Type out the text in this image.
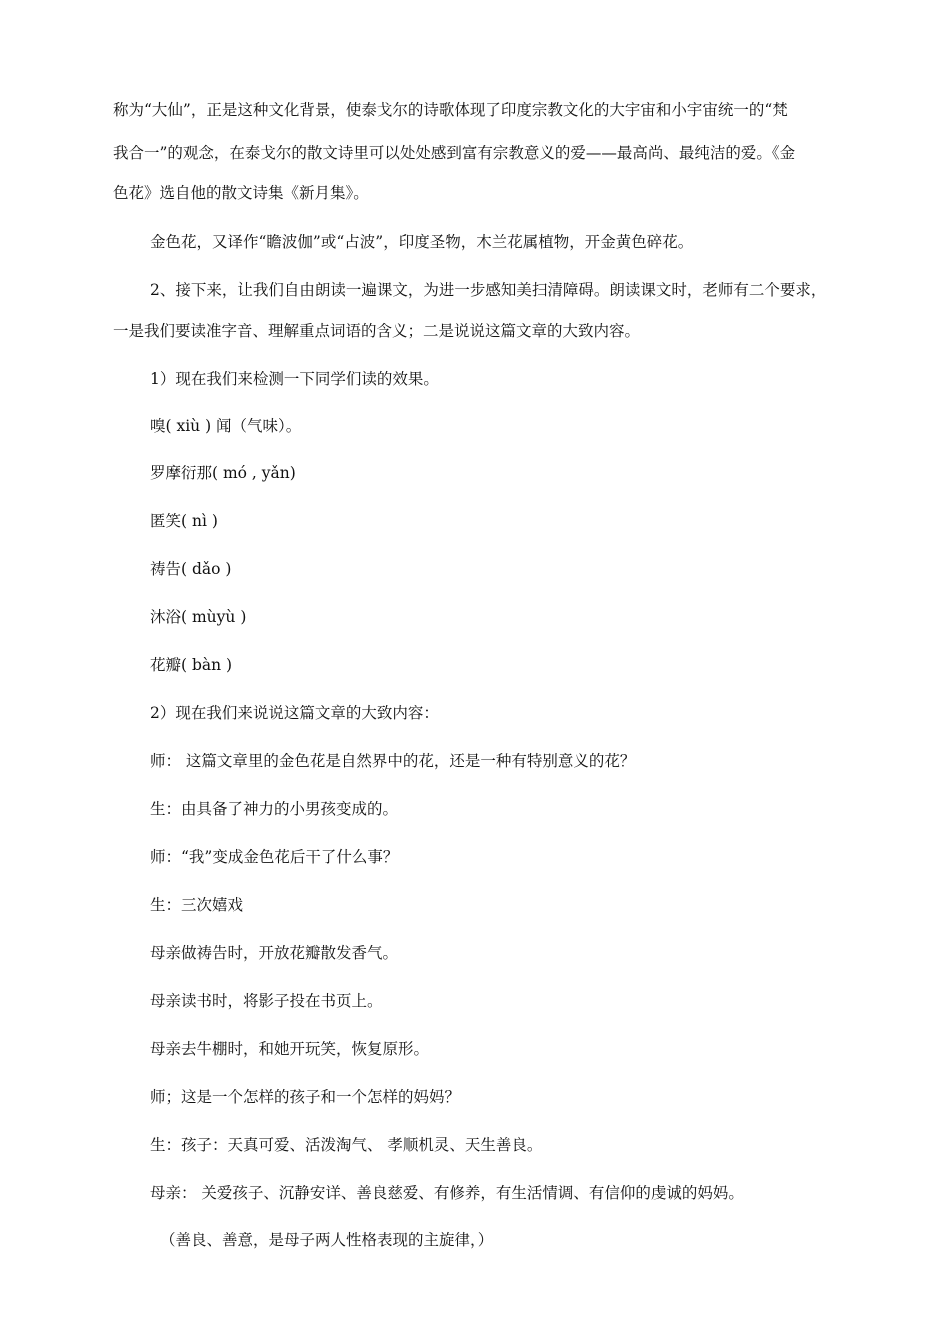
称为“大仙”，正是这种文化背景，使泰戈尔的诗歌体现了印度宗教文化的大宇宙和小宇宙统一的“梵
我合一”的观念，在泰戈尔的散文诗里可以处处感到富有宗教意义的爱——最高尚、最纯洁的爱。《金
色花》选自他的散文诗集《新月集》。
金色花，又译作“瞻波伽”或“占波”，印度圣物，木兰花属植物，开金黄色碎花。
2、接下来，让我们自由朗读一遍课文，为进一步感知美扫清障碍。朗读课文时，老师有二个要求，
一是我们要读准字音、理解重点词语的含义；二是说说这篇文章的大致内容。
1）现在我们来检测一下同学们读的效果。
嗅( xiù ) 闻（气味）。
罗摩衍那( mó , yǎn)
匿笑( nì )
祷告( dǎo )
沐浴( mùyù )
花瓣( bàn )
2）现在我们来说说这篇文章的大致内容：
师： 这篇文章里的金色花是自然界中的花，还是一种有特别意义的花？
生：由具备了神力的小男孩变成的。
师：“我”变成金色花后干了什么事？
生：三次嬉戏
母亲做祷告时，开放花瓣散发香气。
母亲读书时，将影子投在书页上。
母亲去牛棚时，和她开玩笑，恢复原形。
师；这是一个怎样的孩子和一个怎样的妈妈？
生：孩子：天真可爱、活泼淘气、 孝顺机灵、天生善良。
母亲： 关爱孩子、沉静安详、善良慈爱、有修养，有生活情调、有信仰的虔诚的妈妈。
（善良、善意，是母子两人性格表现的主旋律，）
